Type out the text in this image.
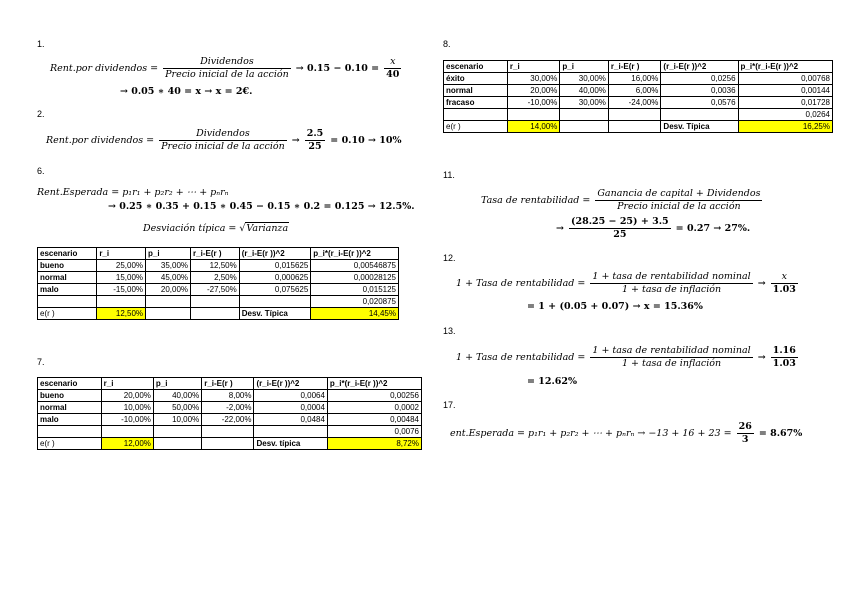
1.
2.
6.
7.
8.
11.
12.
13.
17.
Rent.por dividendos = $\frac{\text{Dividendos}}{\text{Precio inicial de la acción}} \to 0.15 - 0.10 = \frac{x}{40}$
→ 0.05 ∗ 40 = x → x = 2€.
Rent.por dividendos = $\frac{\text{Dividendos}}{\text{Precio inicial de la acción}} \to \frac{2.5}{25} = 0.10 \to 10\%$
Rent.Esperada = p₁r₁ + p₂r₂ + ⋯ + pₙrₙ
→ 0.25 ∗ 0.35 + 0.15 ∗ 0.45 − 0.15 ∗ 0.2 = 0.125 → 12.5%.
Desviación típica = √Varianza
escenario	r_i	p_i	r_i-E(r )	(r_i-E(r ))^2	p_i*(r_i-E(r ))^2
bueno	25,00%	35,00%	12,50%	0,015625	0,00546875
normal	15,00%	45,00%	2,50%	0,000625	0,00028125
malo	-15,00%	20,00%	-27,50%	0,075625	0,015125
					0,020875
e(r )	12,50%			Desv. Típica	14,45%
escenario	r_i	p_i	r_i-E(r )	(r_i-E(r ))^2	p_i*(r_i-E(r ))^2
bueno	20,00%	40,00%	8,00%	0,0064	0,00256
normal	10,00%	50,00%	-2,00%	0,0004	0,0002
malo	-10,00%	10,00%	-22,00%	0,0484	0,00484
					0,0076
e(r )	12,00%			Desv. típica	8,72%
escenario	r_i	p_i	r_i-E(r )	(r_i-E(r ))^2	p_i*(r_i-E(r ))^2
éxito	30,00%	30,00%	16,00%	0,0256	0,00768
normal	20,00%	40,00%	6,00%	0,0036	0,00144
fracaso	-10,00%	30,00%	-24,00%	0,0576	0,01728
					0,0264
e(r )	14,00%			Desv. Típica	16,25%
Tasa de rentabilidad = $\frac{\text{Ganancia de capital + Dividendos}}{\text{Precio inicial de la acción}}$
→ $\frac{(28.25 - 25) + 3.5}{25} = 0.27 \to 27\%$.
1 + Tasa de rentabilidad = $\frac{\text{1 + tasa de rentabilidad nominal}}{\text{1 + tasa de inflación}} \to \frac{x}{1.03}$
= 1 + (0.05 + 0.07) → x = 15.36%
1 + Tasa de rentabilidad = $\frac{\text{1 + tasa de rentabilidad nominal}}{\text{1 + tasa de inflación}} \to \frac{1.16}{1.03}$
= 12.62%
ent.Esperada = p₁r₁ + p₂r₂ + ⋯ + $p_nr_n \to -13 + 16 + 23 = \frac{26}{3} = 8.67\%$
